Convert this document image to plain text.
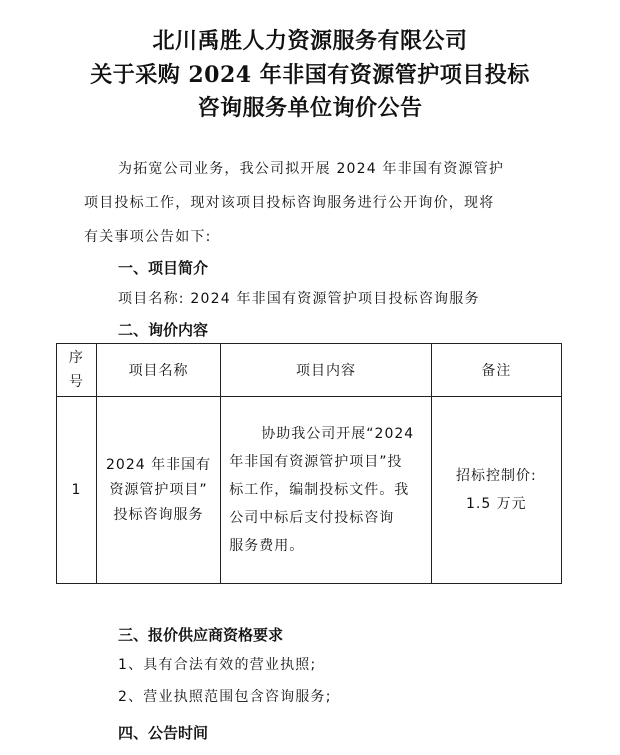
北川禹胜人力资源服务有限公司
关于采购 2024 年非国有资源管护项目投标
咨询服务单位询价公告
为拓宽公司业务，我公司拟开展 2024 年非国有资源管护
项目投标工作，现对该项目投标咨询服务进行公开询价，现将
有关事项公告如下:
一、项目简介
项目名称: 2024 年非国有资源管护项目投标咨询服务
二、询价内容
序
号	项目名称	项目内容	备注
1	2024 年非国有
资源管护项目”
投标咨询服务	协助我公司开展“2024
年非国有资源管护项目”投
标工作，编制投标文件。我
公司中标后支付投标咨询
服务费用。	招标控制价:
1.5 万元
三、报价供应商资格要求
1、具有合法有效的营业执照;
2、营业执照范围包含咨询服务;
四、公告时间
